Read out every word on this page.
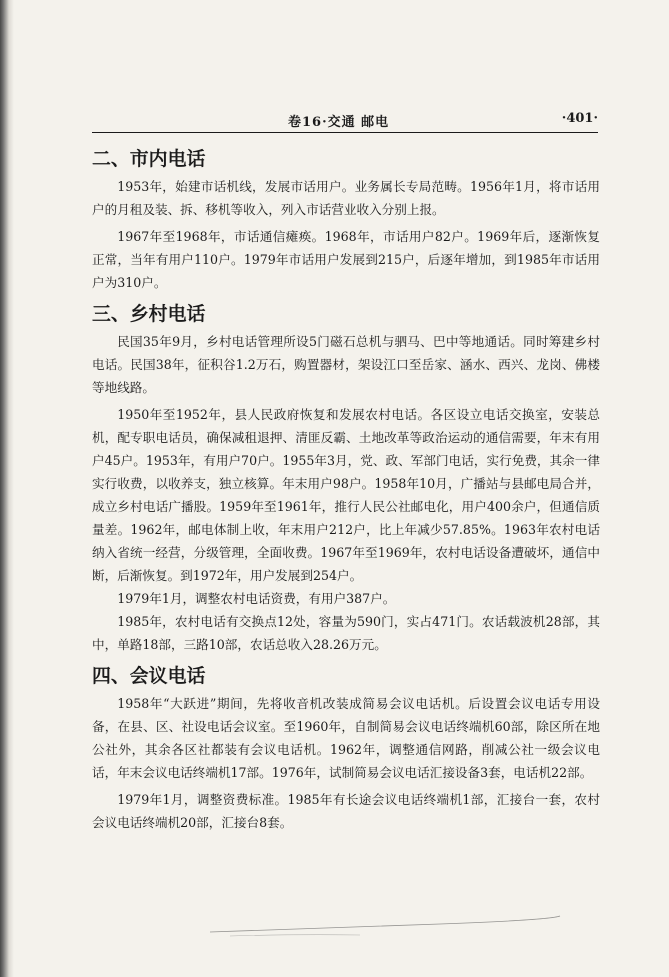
卷16·交通 邮电	·401·
二、市内电话

1953年，始建市话机线，发展市话用户。业务属长专局范畴。1956年1月，将市话用户的月租及装、拆、移机等收入，列入市话营业收入分别上报。

1967年至1968年，市话通信瘫痪。1968年，市话用户82户。1969年后，逐渐恢复正常，当年有用户110户。1979年市话用户发展到215户，后逐年增加，到1985年市话用户为310户。

三、乡村电话

民国35年9月，乡村电话管理所设5门磁石总机与驷马、巴中等地通话。同时筹建乡村电话。民国38年，征积谷1.2万石，购置器材，架设江口至岳家、涵水、西兴、龙岗、佛楼等地线路。

1950年至1952年，县人民政府恢复和发展农村电话。各区设立电话交换室，安装总机，配专职电话员，确保减租退押、清匪反霸、土地改革等政治运动的通信需要，年末有用户45户。1953年，有用户70户。1955年3月，党、政、军部门电话，实行免费，其余一律实行收费，以收养支，独立核算。年末用户98户。1958年10月，广播站与县邮电局合并，成立乡村电话广播股。1959年至1961年，推行人民公社邮电化，用户400余户，但通信质量差。1962年，邮电体制上收，年末用户212户，比上年减少57.85%。1963年农村电话纳入省统一经营，分级管理，全面收费。1967年至1969年，农村电话设备遭破坏，通信中断，后渐恢复。到1972年，用户发展到254户。

1979年1月，调整农村电话资费，有用户387户。

1985年，农村电话有交换点12处，容量为590门，实占471门。农话载波机28部，其中，单路18部，三路10部，农话总收入28.26万元。

四、会议电话

1958年“大跃进”期间，先将收音机改装成简易会议电话机。后设置会议电话专用设备，在县、区、社设电话会议室。至1960年，自制简易会议电话终端机60部，除区所在地公社外，其余各区社都装有会议电话机。1962年，调整通信网路，削减公社一级会议电话，年末会议电话终端机17部。1976年，试制简易会议电话汇接设备3套，电话机22部。

1979年1月，调整资费标准。1985年有长途会议电话终端机1部，汇接台一套，农村会议电话终端机20部，汇接台8套。
